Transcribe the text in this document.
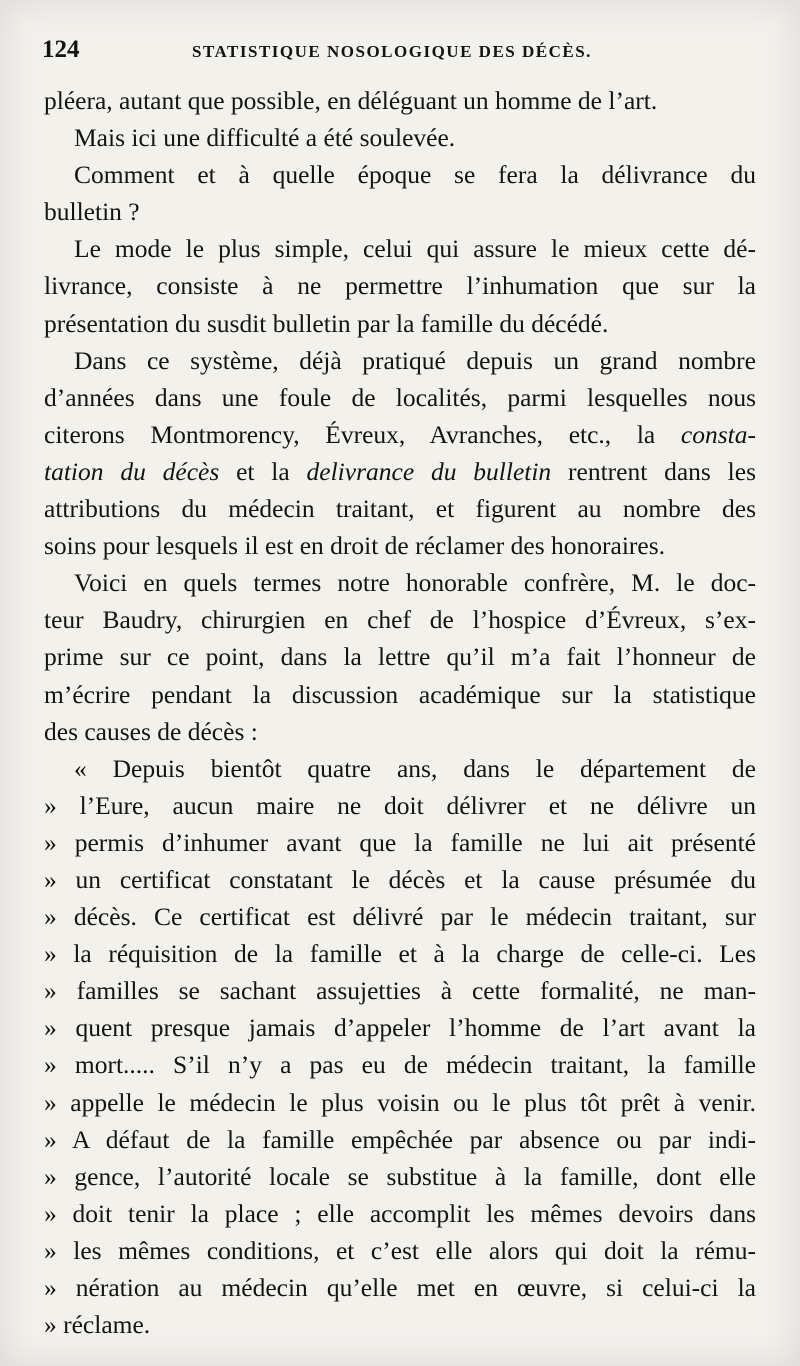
124	STATISTIQUE NOSOLOGIQUE DES DÉCÈS.
pléera, autant que possible, en déléguant un homme de l’art.
Mais ici une difficulté a été soulevée.
Comment et à quelle époque se fera la délivrance du
bulletin ?
Le mode le plus simple, celui qui assure le mieux cette dé-
livrance, consiste à ne permettre l’inhumation que sur la
présentation du susdit bulletin par la famille du décédé.
Dans ce système, déjà pratiqué depuis un grand nombre
d’années dans une foule de localités, parmi lesquelles nous
citerons Montmorency, Évreux, Avranches, etc., la consta-
tation du décès et la delivrance du bulletin rentrent dans les
attributions du médecin traitant, et figurent au nombre des
soins pour lesquels il est en droit de réclamer des honoraires.
Voici en quels termes notre honorable confrère, M. le doc-
teur Baudry, chirurgien en chef de l’hospice d’Évreux, s’ex-
prime sur ce point, dans la lettre qu’il m’a fait l’honneur de
m’écrire pendant la discussion académique sur la statistique
des causes de décès :
« Depuis bientôt quatre ans, dans le département de
» l’Eure, aucun maire ne doit délivrer et ne délivre un
» permis d’inhumer avant que la famille ne lui ait présenté
» un certificat constatant le décès et la cause présumée du
» décès. Ce certificat est délivré par le médecin traitant, sur
» la réquisition de la famille et à la charge de celle-ci. Les
» familles se sachant assujetties à cette formalité, ne man-
» quent presque jamais d’appeler l’homme de l’art avant la
» mort..... S’il n’y a pas eu de médecin traitant, la famille
» appelle le médecin le plus voisin ou le plus tôt prêt à venir.
» A défaut de la famille empêchée par absence ou par indi-
» gence, l’autorité locale se substitue à la famille, dont elle
» doit tenir la place ; elle accomplit les mêmes devoirs dans
» les mêmes conditions, et c’est elle alors qui doit la rému-
» nération au médecin qu’elle met en œuvre, si celui-ci la
» réclame.
